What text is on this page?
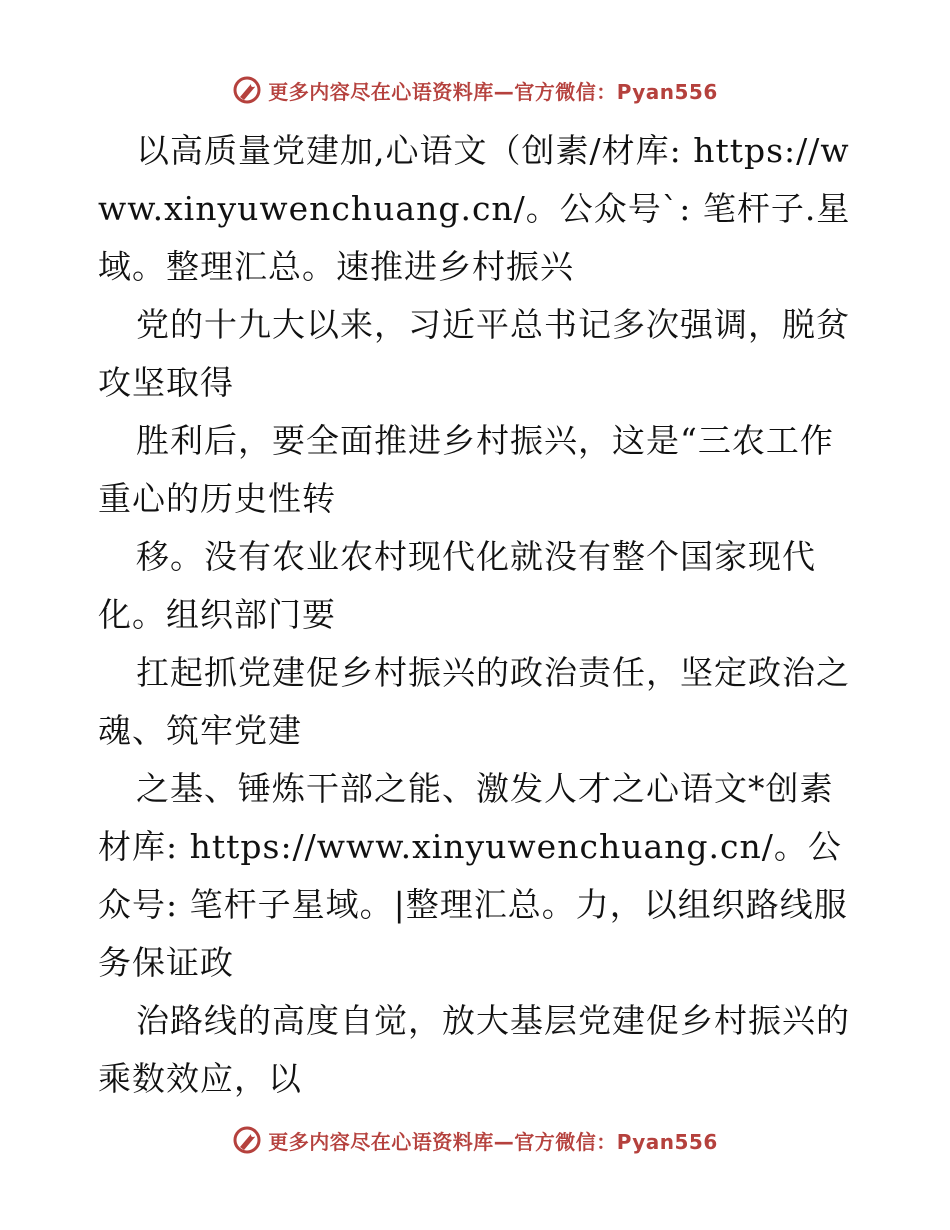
更多内容尽在心语资料库—官方微信：Pyan556

以高质量党建加,心语文（创素/材库: https://www.xinyuwenchuang.cn/。公众号`: 笔杆子.星域。整理汇总。速推进乡村振兴

党的十九大以来，习近平总书记多次强调，脱贫攻坚取得

胜利后，要全面推进乡村振兴，这是“三农工作重心的历史性转

移。没有农业农村现代化就没有整个国家现代化。组织部门要

扛起抓党建促乡村振兴的政治责任，坚定政治之魂、筑牢党建

之基、锤炼干部之能、激发人才之心语文*创素材库: https://www.xinyuwenchuang.cn/。公众号: 笔杆子星域。|整理汇总。力，以组织路线服务保证政

治路线的高度自觉，放大基层党建促乡村振兴的乘数效应，以

更多内容尽在心语资料库—官方微信：Pyan556
